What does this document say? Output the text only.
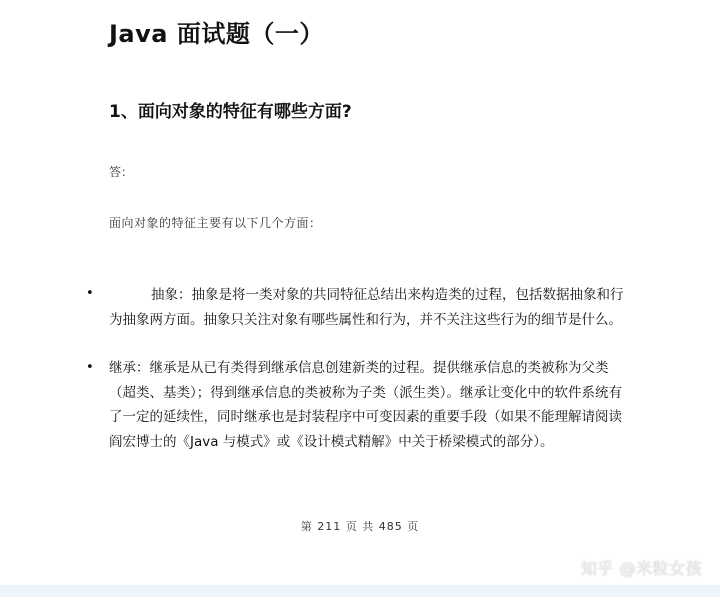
Java 面试题（一）
1、面向对象的特征有哪些方面?
答：
面向对象的特征主要有以下几个方面：
•	抽象：抽象是将一类对象的共同特征总结出来构造类的过程，包括数据抽象和行为抽象两方面。抽象只关注对象有哪些属性和行为，并不关注这些行为的细节是什么。

• 继承：继承是从已有类得到继承信息创建新类的过程。提供继承信息的类被称为父类（超类、基类）；得到继承信息的类被称为子类（派生类）。继承让变化中的软件系统有了一定的延续性，同时继承也是封装程序中可变因素的重要手段（如果不能理解请阅读阎宏博士的《Java 与模式》或《设计模式精解》中关于桥梁模式的部分）。

第 211 页 共 485 页
知乎 @米粒女孩
